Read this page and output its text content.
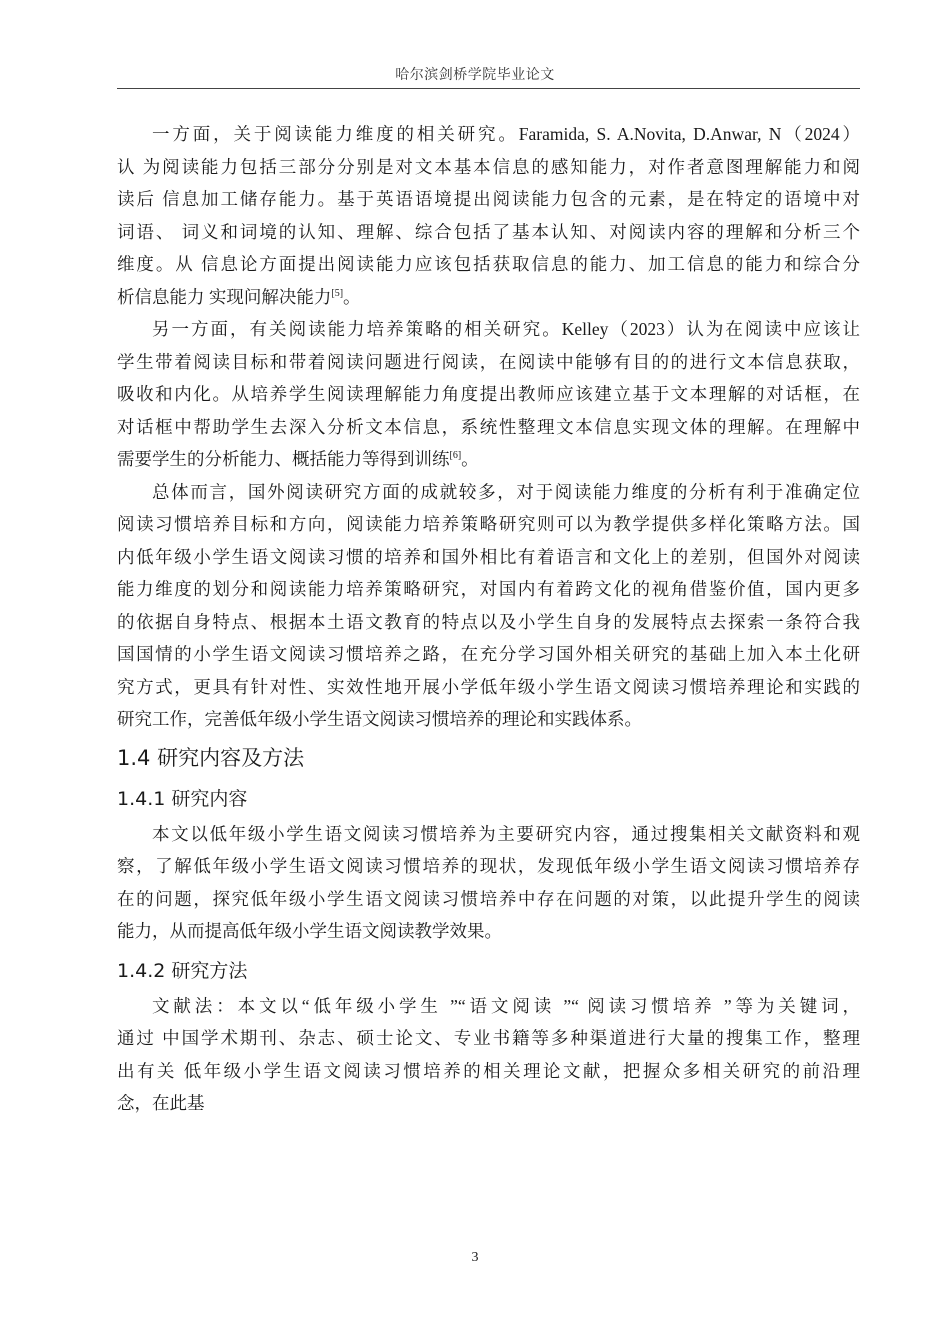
哈尔滨剑桥学院毕业论文
一方面，关于阅读能力维度的相关研究。Faramida, S. A.Novita, D.Anwar, N（2024）
认 为阅读能力包括三部分分别是对文本基本信息的感知能力，对作者意图理解能力和阅
读后 信息加工储存能力。基于英语语境提出阅读能力包含的元素，是在特定的语境中对
词语、 词义和词境的认知、理解、综合包括了基本认知、对阅读内容的理解和分析三个
维度。从 信息论方面提出阅读能力应该包括获取信息的能力、加工信息的能力和综合分
析信息能力 实现问解决能力[5]。
另一方面，有关阅读能力培养策略的相关研究。Kelley（2023）认为在阅读中应该让
学生带着阅读目标和带着阅读问题进行阅读，在阅读中能够有目的的进行文本信息获取，
吸收和内化。从培养学生阅读理解能力角度提出教师应该建立基于文本理解的对话框，在
对话框中帮助学生去深入分析文本信息，系统性整理文本信息实现文体的理解。在理解中
需要学生的分析能力、概括能力等得到训练[6]。
总体而言，国外阅读研究方面的成就较多，对于阅读能力维度的分析有利于准确定位
阅读习惯培养目标和方向，阅读能力培养策略研究则可以为教学提供多样化策略方法。国
内低年级小学生语文阅读习惯的培养和国外相比有着语言和文化上的差别，但国外对阅读
能力维度的划分和阅读能力培养策略研究，对国内有着跨文化的视角借鉴价值，国内更多
的依据自身特点、根据本土语文教育的特点以及小学生自身的发展特点去探索一条符合我
国国情的小学生语文阅读习惯培养之路，在充分学习国外相关研究的基础上加入本土化研
究方式，更具有针对性、实效性地开展小学低年级小学生语文阅读习惯培养理论和实践的
研究工作，完善低年级小学生语文阅读习惯培养的理论和实践体系。
1.4 研究内容及方法
1.4.1 研究内容
本文以低年级小学生语文阅读习惯培养为主要研究内容，通过搜集相关文献资料和观
察，了解低年级小学生语文阅读习惯培养的现状，发现低年级小学生语文阅读习惯培养存
在的问题，探究低年级小学生语文阅读习惯培养中存在问题的对策，以此提升学生的阅读
能力，从而提高低年级小学生语文阅读教学效果。
1.4.2 研究方法
文献法：本文以“低年级小学生 ”“语文阅读 ”“ 阅读习惯培养 ”等为关键词，
通过 中国学术期刊、杂志、硕士论文、专业书籍等多种渠道进行大量的搜集工作，整理
出有关 低年级小学生语文阅读习惯培养的相关理论文献，把握众多相关研究的前沿理
念，在此基
3
